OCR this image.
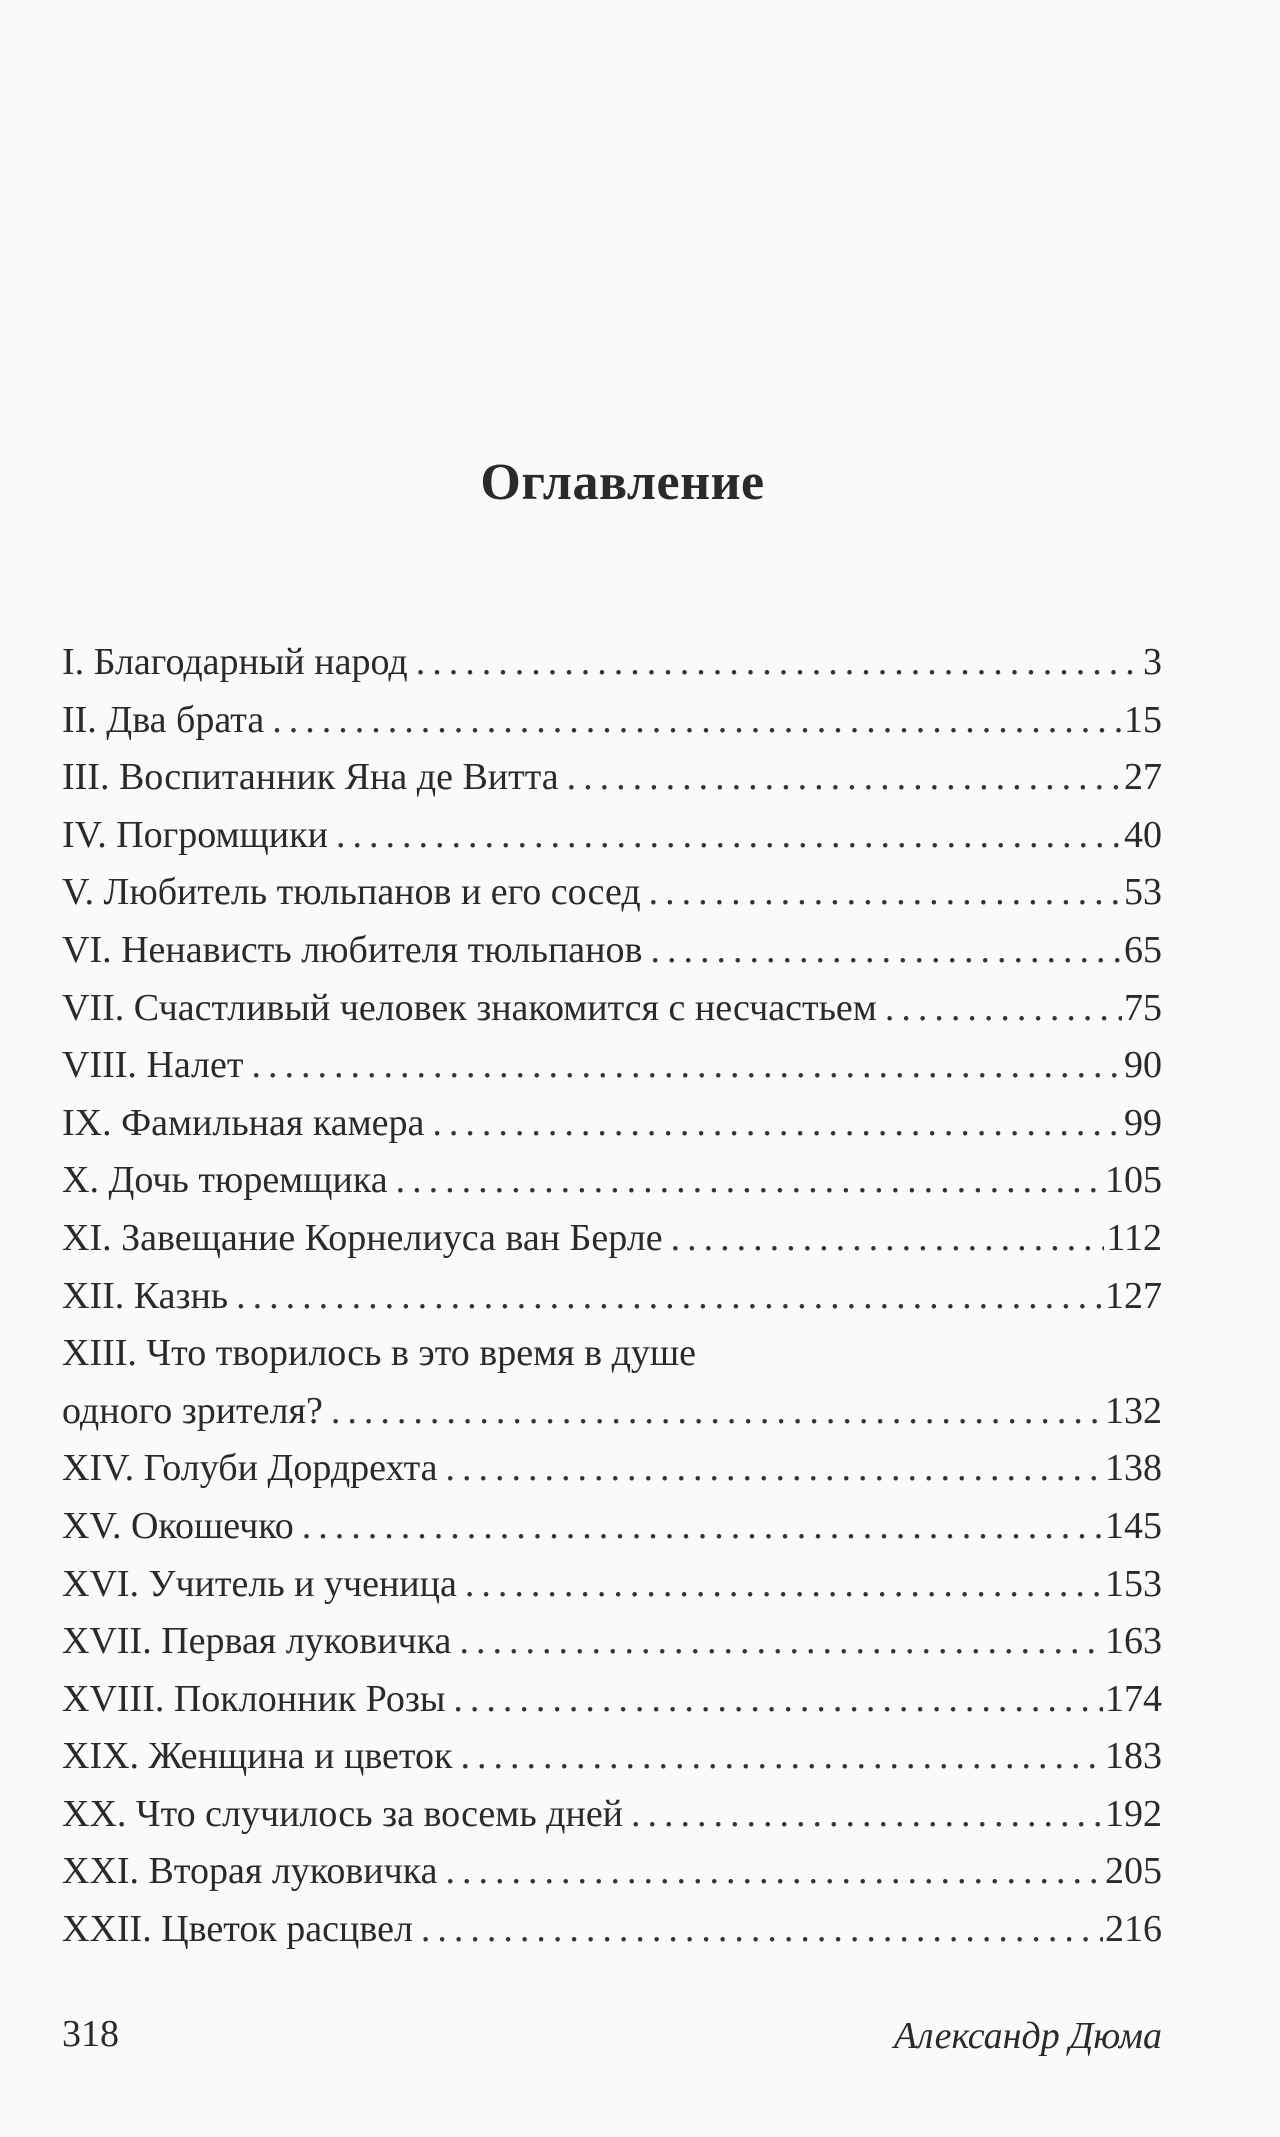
Оглавление
I. Благодарный народ .....	3
II. Два брата .....	15
III. Воспитанник Яна де Витта .....	27
IV. Погромщики .....	40
V. Любитель тюльпанов и его сосед .....	53
VI. Ненависть любителя тюльпанов .....	65
VII. Счастливый человек знакомится с несчастьем .....	75
VIII. Налет .....	90
IX. Фамильная камера .....	99
X. Дочь тюремщика .....	105
XI. Завещание Корнелиуса ван Берле .....	112
XII. Казнь .....	127
XIII. Что творилось в это время в душе
одного зрителя? .....	132
XIV. Голуби Дордрехта .....	138
XV. Окошечко .....	145
XVI. Учитель и ученица .....	153
XVII. Первая луковичка .....	163
XVIII. Поклонник Розы .....	174
XIX. Женщина и цветок .....	183
XX. Что случилось за восемь дней .....	192
XXI. Вторая луковичка .....	205
XXII. Цветок расцвел .....	216
318	Александр Дюма
